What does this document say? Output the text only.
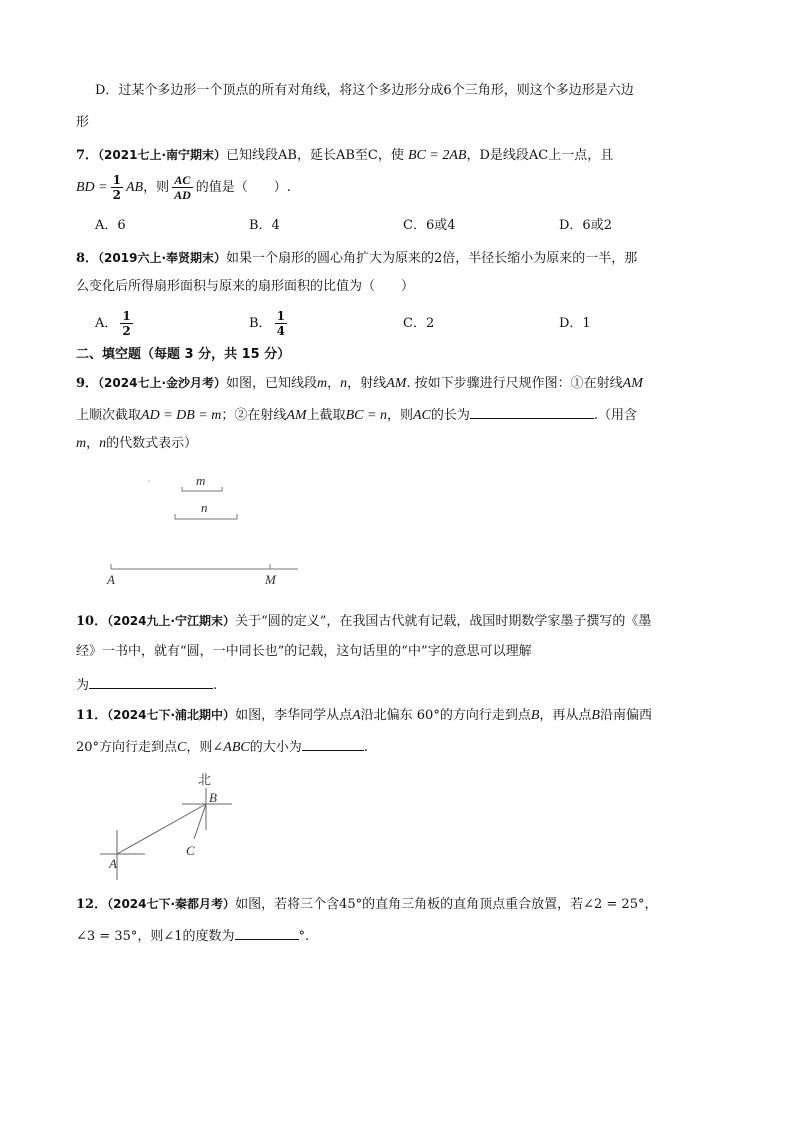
D．过某个多边形一个顶点的所有对角线，将这个多边形分成6个三角形，则这个多边形是六边
形
7．（2021七上·南宁期末）已知线段AB，延长AB至C，使 BC = 2AB，D是线段AC上一点，且
BD = $\frac{1}{2}$ AB，则 $\frac{AC}{AD}$ 的值是（　　）.
A．6	B．4	C．6或4	D．6或2
8．（2019六上·奉贤期末）如果一个扇形的圆心角扩大为原来的2倍，半径长缩小为原来的一半，那
么变化后所得扇形面积与原来的扇形面积的比值为（　　）
A． $\frac{1}{2}$	B． $\frac{1}{4}$	C．2	D．1
二、填空题（每题 3 分，共 15 分）
9．（2024七上·金沙月考）如图，已知线段m，n，射线AM. 按如下步骤进行尺规作图：①在射线AM
上顺次截取AD = DB = m；②在射线AM上截取BC = n，则AC的长为	.（用含
m，n的代数式表示）
m
n
A	M
10．（2024九上·宁江期末）关于“圆的定义”，在我国古代就有记载，战国时期数学家墨子撰写的《墨
经》一书中，就有“圆，一中同长也”的记载，这句话里的“中”字的意思可以理解
为	.
11．（2024七下·浦北期中）如图，李华同学从点A沿北偏东 60°的方向行走到点B，再从点B沿南偏西
20°方向行走到点C，则∠ABC的大小为	.
北
A
B
C
12．（2024七下·秦都月考）如图，若将三个含45°的直角三角板的直角顶点重合放置，若∠2 = 25°，
∠3 = 35°，则∠1的度数为	°.
